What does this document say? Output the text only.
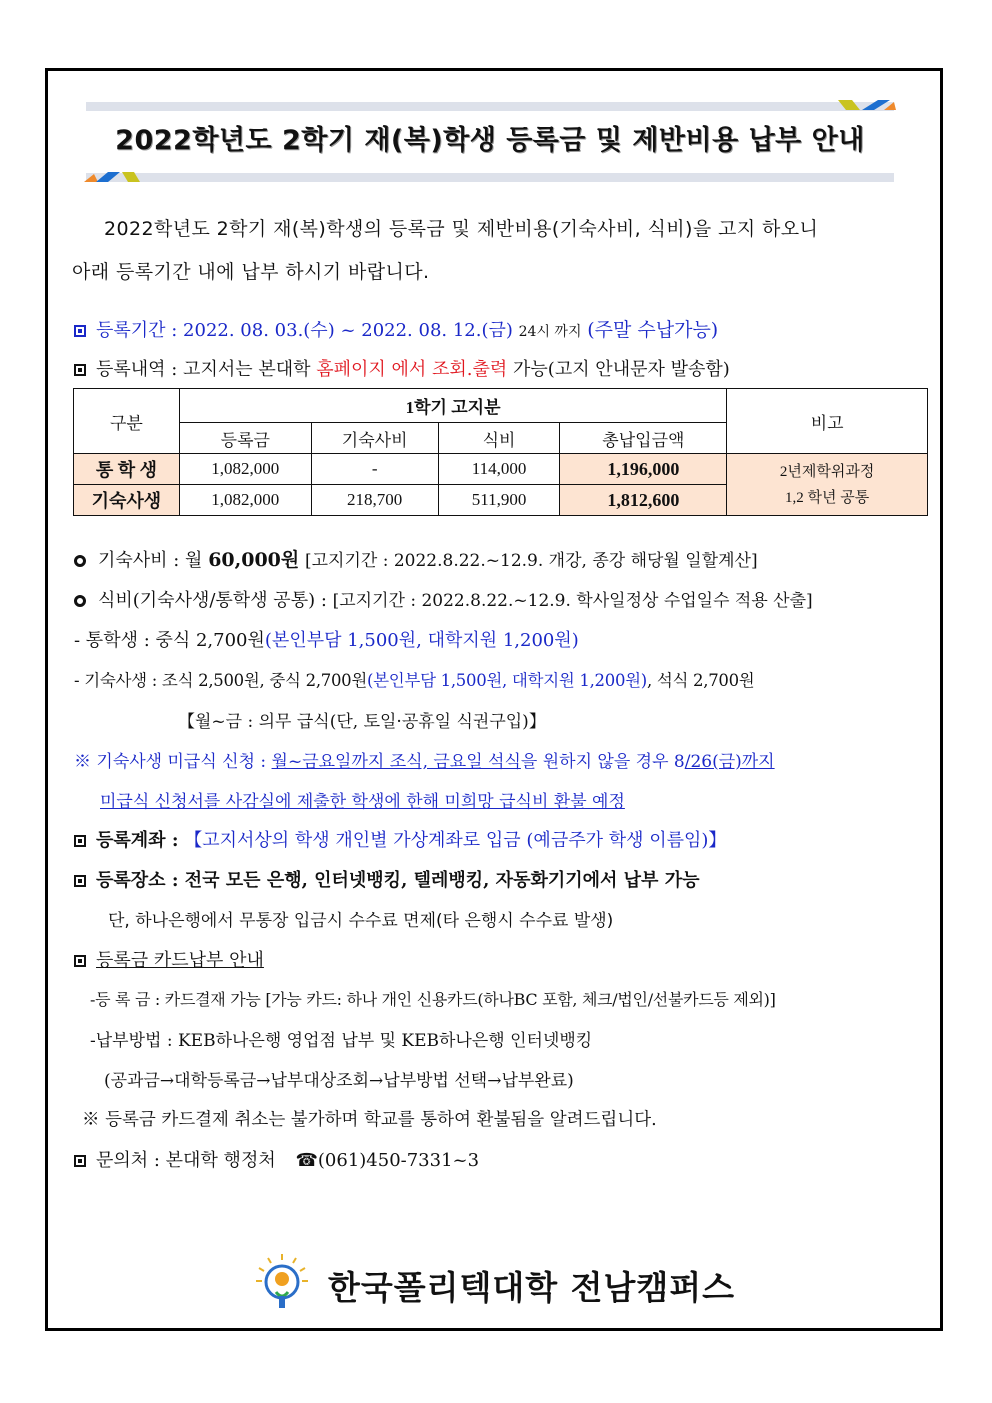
2022학년도 2학기 재(복)학생 등록금 및 제반비용 납부 안내
2022학년도 2학기 재(복)학생의 등록금 및 제반비용(기숙사비, 식비)을 고지 하오니
아래 등록기간 내에 납부 하시기 바랍니다.
등록기간 : 2022. 08. 03.(수) ~ 2022. 08. 12.(금) 24시 까지 (주말 수납가능)
등록내역 : 고지서는 본대학 홈페이지 에서 조회.출력 가능(고지 안내문자 발송함)
구분	1학기 고지분				비고
	등록금	기숙사비	식비	총납입금액	
통 학 생	1,082,000	-	114,000	1,196,000	2년제학위과정
1,2 학년 공통

기숙사생	1,082,000	218,700	511,900	1,812,600	
기숙사비 : 월 60,000원 [고지기간 : 2022.8.22.~12.9. 개강, 종강 해당월 일할계산]
식비(기숙사생/통학생 공통) : [고지기간 : 2022.8.22.~12.9. 학사일정상 수업일수 적용 산출]
- 통학생 : 중식 2,700원(본인부담 1,500원, 대학지원 1,200원)
- 기숙사생 : 조식 2,500원, 중식 2,700원(본인부담 1,500원, 대학지원 1,200원), 석식 2,700원
【월~금 : 의무 급식(단, 토일·공휴일 식권구입)】
※ 기숙사생 미급식 신청 : 월~금요일까지 조식, 금요일 석식을 원하지 않을 경우 8/26(금)까지
미급식 신청서를 사감실에 제출한 학생에 한해 미희망 급식비 환불 예정
등록계좌 : 【고지서상의 학생 개인별 가상계좌로 입금 (예금주가 학생 이름임)】
등록장소 : 전국 모든 은행, 인터넷뱅킹, 텔레뱅킹, 자동화기기에서 납부 가능
단, 하나은행에서 무통장 입금시 수수료 면제(타 은행시 수수료 발생)
등록금 카드납부 안내
-등 록 금 : 카드결재 가능 [가능 카드: 하나 개인 신용카드(하나BC 포함, 체크/법인/선불카드등 제외)]
-납부방법 : KEB하나은행 영업점 납부 및 KEB하나은행 인터넷뱅킹
(공과금→대학등록금→납부대상조회→납부방법 선택→납부완료)
※ 등록금 카드결제 취소는 불가하며 학교를 통하여 환불됨을 알려드립니다.
문의처 : 본대학 행정처 ☎(061)450-7331~3
한국폴리텍대학 전남캠퍼스
